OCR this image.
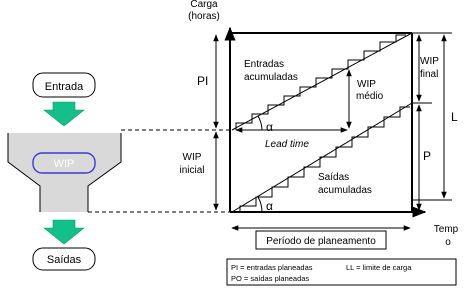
Entrada
WIP
Saídas
Carga
(horas)
Temp
o
α
α
Lead time
WIP
médio
Entradas
acumuladas
Saídas
acumuladas
PI
WIP
inicial
WIP
final
P
L
Período de planeamento
PI = entradas planeadas	LL = limite de carga
PO = saídas planeadas
